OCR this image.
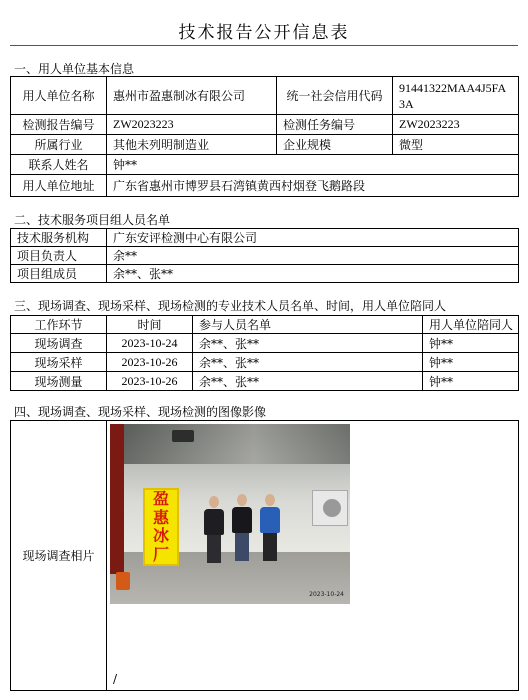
技术报告公开信息表
一、用人单位基本信息
用人单位名称	惠州市盈惠制冰有限公司	统一社会信用代码	91441322MAA4J5FA3A
检测报告编号	ZW2023223	检测任务编号	ZW2023223
所属行业	其他未列明制造业	企业规模	微型
联系人姓名	钟**		
用人单位地址	广东省惠州市博罗县石湾镇黄西村烟登飞鹅路段		
二、技术服务项目组人员名单
技术服务机构	广东安评检测中心有限公司
项目负责人	余**
项目组成员	余**、张**
三、现场调查、现场采样、现场检测的专业技术人员名单、时间，用人单位陪同人
工作环节	时间	参与人员名单	用人单位陪同人
现场调查	2023-10-24	余**、张**	钟**
现场采样	2023-10-26	余**、张**	钟**
现场测量	2023-10-26	余**、张**	钟**
四、现场调查、现场采样、现场检测的图像影像
现场调查相片	/
盈
惠
冰
厂
2023-10-24
